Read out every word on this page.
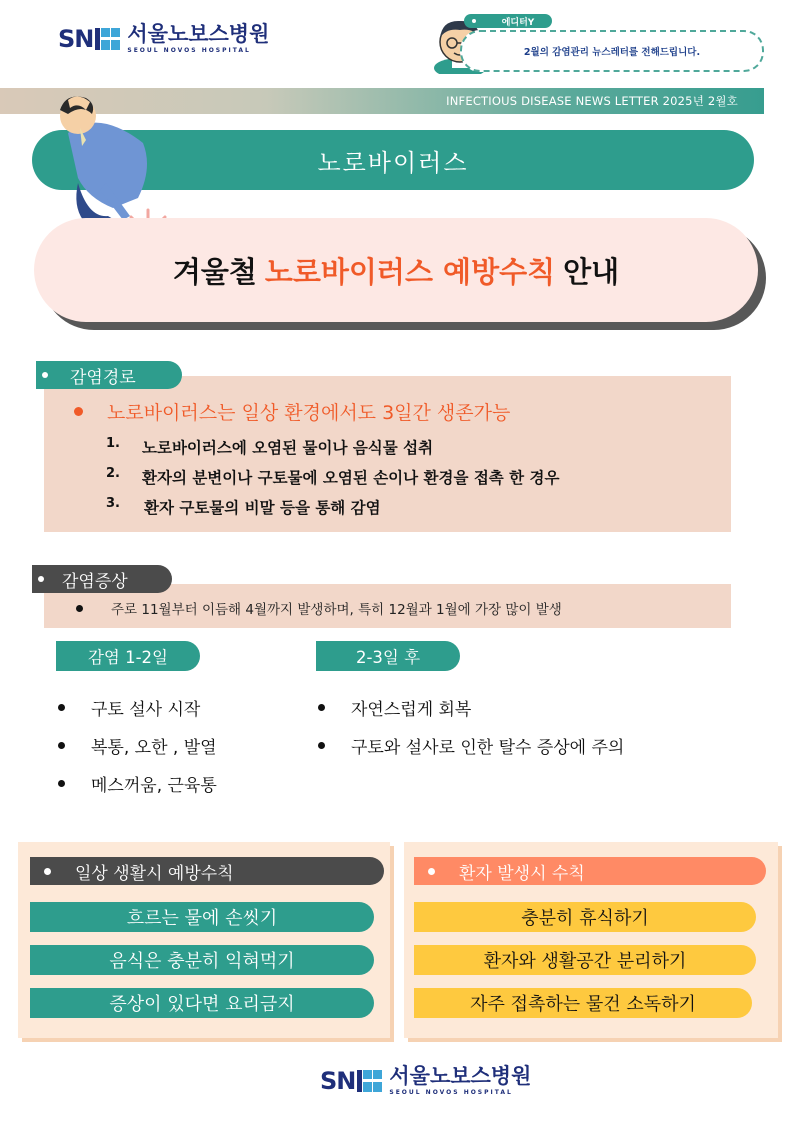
SN 서울노보스병원
SEOUL NOVOS HOSPITAL
에디터Y
2월의 감염관리 뉴스레터를 전해드립니다.
INFECTIOUS DISEASE NEWS LETTER 2025년 2월호
노로바이러스
겨울철 노로바이러스 예방수칙 안내
감염경로
노로바이러스는 일상 환경에서도 3일간 생존가능
1.	노로바이러스에 오염된 물이나 음식물 섭취
2.	환자의 분변이나 구토물에 오염된 손이나 환경을 접촉 한 경우
3.	환자 구토물의 비말 등을 통해 감염
감염증상
주로 11월부터 이듬해 4월까지 발생하며, 특히 12월과 1월에 가장 많이 발생
감염 1-2일	2-3일 후
구토 설사 시작
복통, 오한 , 발열
메스꺼움, 근육통
자연스럽게 회복
구토와 설사로 인한 탈수 증상에 주의
일상 생활시 예방수칙	환자 발생시 수칙
흐르는 물에 손씻기
음식은 충분히 익혀먹기
증상이 있다면 요리금지
충분히 휴식하기
환자와 생활공간 분리하기
자주 접촉하는 물건 소독하기
SN 서울노보스병원
SEOUL NOVOS HOSPITAL
